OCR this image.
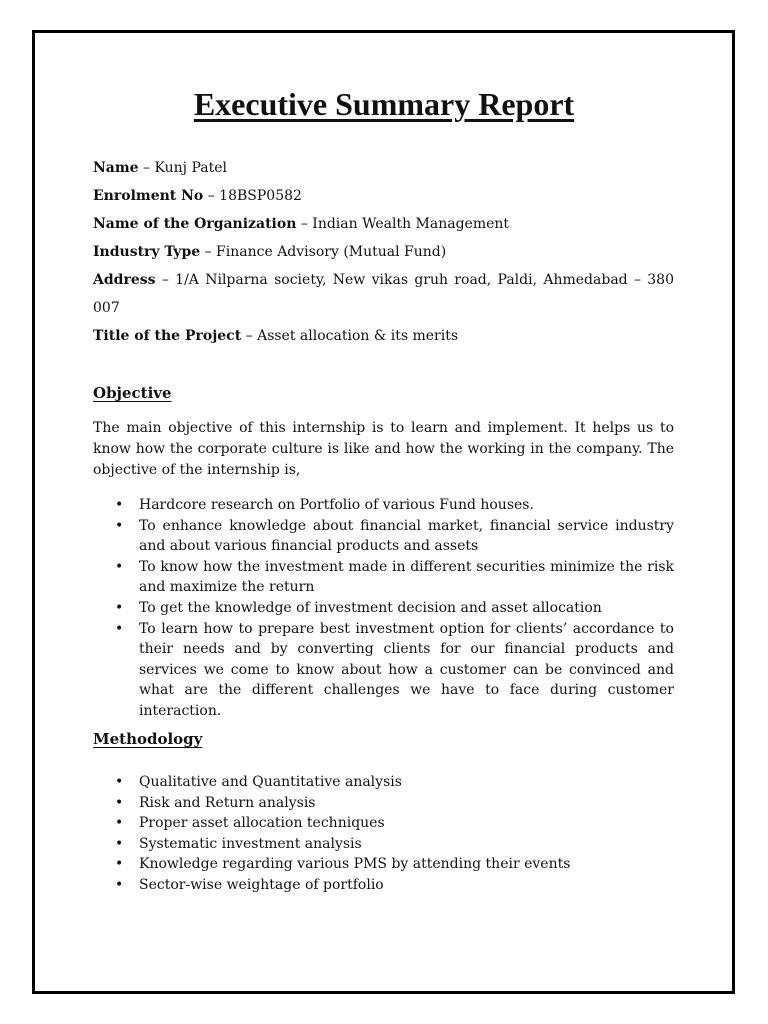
Executive Summary Report
Name – Kunj Patel
Enrolment No – 18BSP0582
Name of the Organization – Indian Wealth Management
Industry Type – Finance Advisory (Mutual Fund)
Address – 1/A Nilparna society, New vikas gruh road, Paldi, Ahmedabad – 380 007
Title of the Project – Asset allocation & its merits
Objective
The main objective of this internship is to learn and implement. It helps us to know how the corporate culture is like and how the working in the company. The objective of the internship is,
• Hardcore research on Portfolio of various Fund houses.
• To enhance knowledge about financial market, financial service industry and about various financial products and assets
• To know how the investment made in different securities minimize the risk and maximize the return
• To get the knowledge of investment decision and asset allocation
• To learn how to prepare best investment option for clients’ accordance to their needs and by converting clients for our financial products and services we come to know about how a customer can be convinced and what are the different challenges we have to face during customer interaction.
Methodology
• Qualitative and Quantitative analysis
• Risk and Return analysis
• Proper asset allocation techniques
• Systematic investment analysis
• Knowledge regarding various PMS by attending their events
• Sector-wise weightage of portfolio
